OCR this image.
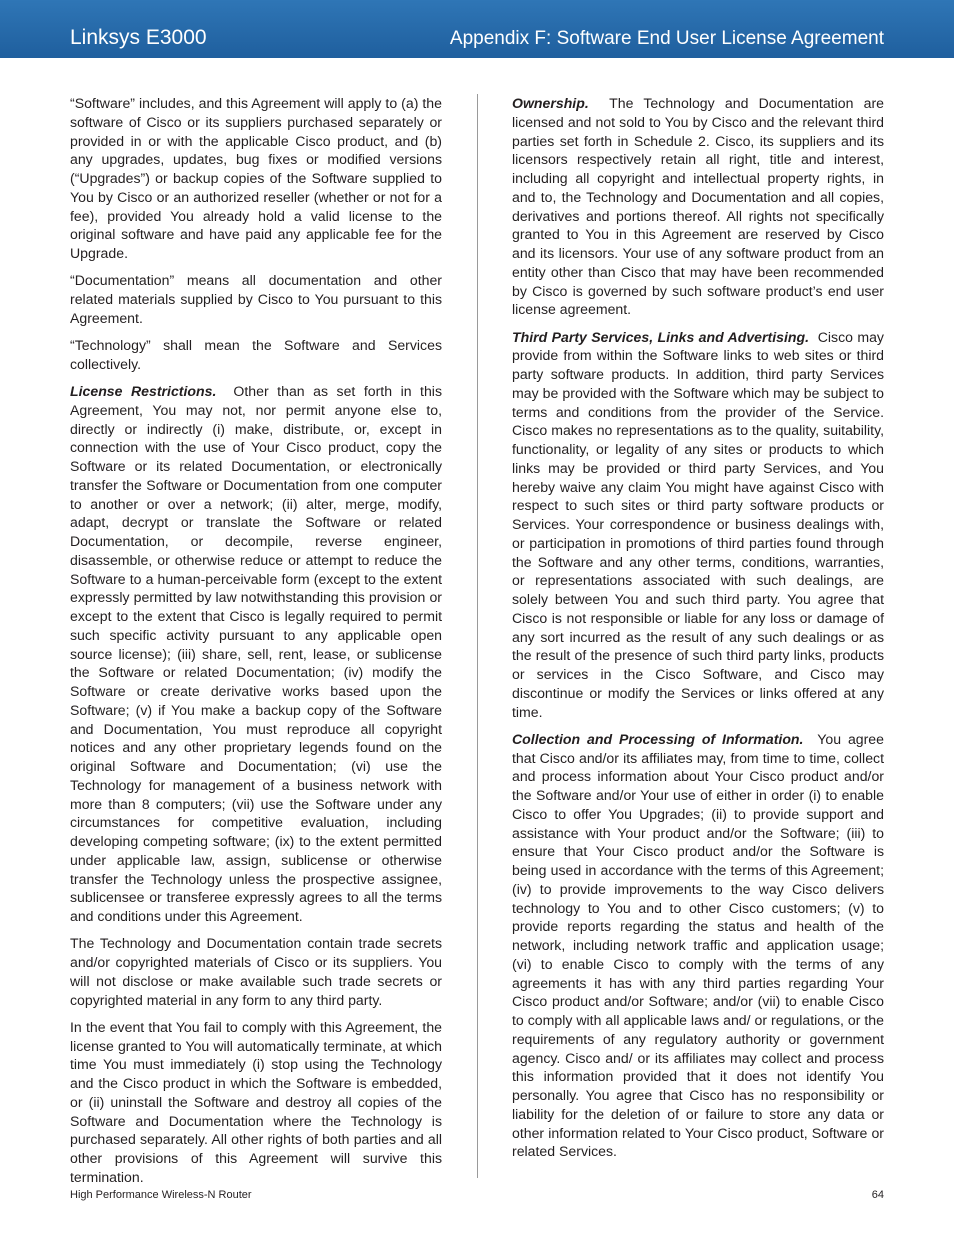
Linksys E3000	Appendix F: Software End User License Agreement

“Software” includes, and this Agreement will apply to (a) the software of Cisco or its suppliers purchased separately or provided in or with the applicable Cisco product, and (b) any upgrades, updates, bug fixes or modified versions (“Upgrades”) or backup copies of the Software supplied to You by Cisco or an authorized reseller (whether or not for a fee), provided You already hold a valid license to the original software and have paid any applicable fee for the Upgrade.

“Documentation” means all documentation and other related materials supplied by Cisco to You pursuant to this Agreement.

“Technology” shall mean the Software and Services collectively.

License Restrictions. Other than as set forth in this Agreement, You may not, nor permit anyone else to, directly or indirectly (i) make, distribute, or, except in connection with the use of Your Cisco product, copy the Software or its related Documentation, or electronically transfer the Software or Documentation from one computer to another or over a network; (ii) alter, merge, modify, adapt, decrypt or translate the Software or related Documentation, or decompile, reverse engineer, disassemble, or otherwise reduce or attempt to reduce the Software to a human-perceivable form (except to the extent expressly permitted by law notwithstanding this provision or except to the extent that Cisco is legally required to permit such specific activity pursuant to any applicable open source license); (iii) share, sell, rent, lease, or sublicense the Software or related Documentation; (iv) modify the Software or create derivative works based upon the Software; (v) if You make a backup copy of the Software and Documentation, You must reproduce all copyright notices and any other proprietary legends found on the original Software and Documentation; (vi) use the Technology for management of a business network with more than 8 computers; (vii) use the Software under any circumstances for competitive evaluation, including developing competing software; (ix) to the extent permitted under applicable law, assign, sublicense or otherwise transfer the Technology unless the prospective assignee, sublicensee or transferee expressly agrees to all the terms and conditions under this Agreement.

The Technology and Documentation contain trade secrets and/or copyrighted materials of Cisco or its suppliers. You will not disclose or make available such trade secrets or copyrighted material in any form to any third party.

In the event that You fail to comply with this Agreement, the license granted to You will automatically terminate, at which time You must immediately (i) stop using the Technology and the Cisco product in which the Software is embedded, or (ii) uninstall the Software and destroy all copies of the Software and Documentation where the Technology is purchased separately. All other rights of both parties and all other provisions of this Agreement will survive this termination.

Ownership. The Technology and Documentation are licensed and not sold to You by Cisco and the relevant third parties set forth in Schedule 2. Cisco, its suppliers and its licensors respectively retain all right, title and interest, including all copyright and intellectual property rights, in and to, the Technology and Documentation and all copies, derivatives and portions thereof. All rights not specifically granted to You in this Agreement are reserved by Cisco and its licensors. Your use of any software product from an entity other than Cisco that may have been recommended by Cisco is governed by such software product’s end user license agreement.

Third Party Services, Links and Advertising. Cisco may provide from within the Software links to web sites or third party software products. In addition, third party Services may be provided with the Software which may be subject to terms and conditions from the provider of the Service. Cisco makes no representations as to the quality, suitability, functionality, or legality of any sites or products to which links may be provided or third party Services, and You hereby waive any claim You might have against Cisco with respect to such sites or third party software products or Services. Your correspondence or business dealings with, or participation in promotions of third parties found through the Software and any other terms, conditions, warranties, or representations associated with such dealings, are solely between You and such third party. You agree that Cisco is not responsible or liable for any loss or damage of any sort incurred as the result of any such dealings or as the result of the presence of such third party links, products or services in the Cisco Software, and Cisco may discontinue or modify the Services or links offered at any time.

Collection and Processing of Information. You agree that Cisco and/or its affiliates may, from time to time, collect and process information about Your Cisco product and/or the Software and/or Your use of either in order (i) to enable Cisco to offer You Upgrades; (ii) to provide support and assistance with Your product and/or the Software; (iii) to ensure that Your Cisco product and/or the Software is being used in accordance with the terms of this Agreement; (iv) to provide improvements to the way Cisco delivers technology to You and to other Cisco customers; (v) to provide reports regarding the status and health of the network, including network traffic and application usage; (vi) to enable Cisco to comply with the terms of any agreements it has with any third parties regarding Your Cisco product and/or Software; and/or (vii) to enable Cisco to comply with all applicable laws and/ or regulations, or the requirements of any regulatory authority or government agency. Cisco and/ or its affiliates may collect and process this information provided that it does not identify You personally. You agree that Cisco has no responsibility or liability for the deletion of or failure to store any data or other information related to Your Cisco product, Software or related Services.

High Performance Wireless-N Router	64
